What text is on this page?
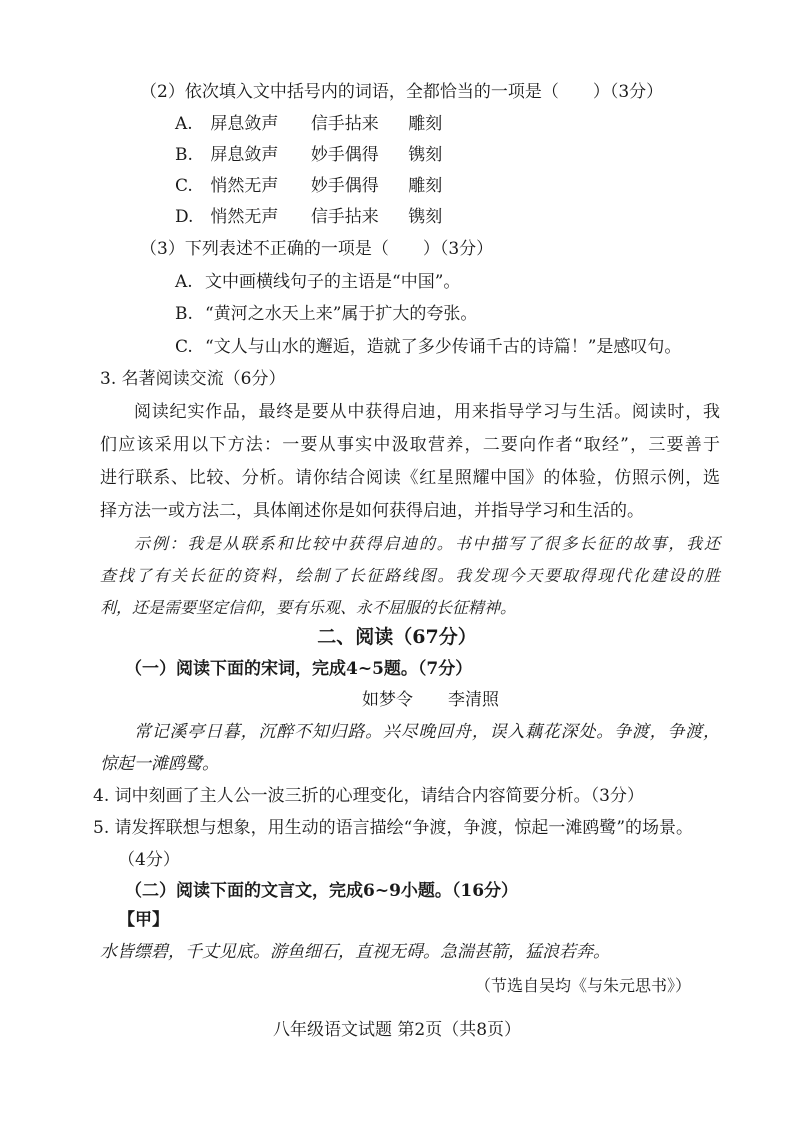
（2）依次填入文中括号内的词语，全都恰当的一项是（　　）（3分）
A. 屏息敛声 信手拈来 雕刻
B. 屏息敛声 妙手偶得 镌刻
C. 悄然无声 妙手偶得 雕刻
D. 悄然无声 信手拈来 镌刻
（3）下列表述不正确的一项是（　　）（3分）
A. 文中画横线句子的主语是“中国”。
B. “黄河之水天上来”属于扩大的夸张。
C. “文人与山水的邂逅，造就了多少传诵千古的诗篇！”是感叹句。
3. 名著阅读交流（6分）
阅读纪实作品，最终是要从中获得启迪，用来指导学习与生活。阅读时，我
们应该采用以下方法：一要从事实中汲取营养，二要向作者“取经”，三要善于
进行联系、比较、分析。请你结合阅读《红星照耀中国》的体验，仿照示例，选
择方法一或方法二，具体阐述你是如何获得启迪，并指导学习和生活的。
示例：我是从联系和比较中获得启迪的。书中描写了很多长征的故事，我还
查找了有关长征的资料，绘制了长征路线图。我发现今天要取得现代化建设的胜
利，还是需要坚定信仰，要有乐观、永不屈服的长征精神。
二、阅读（67分）
（一）阅读下面的宋词，完成4~5题。（7分）
如梦令 李清照
常记溪亭日暮，沉醉不知归路。兴尽晚回舟，误入藕花深处。争渡，争渡，
惊起一滩鸥鹭。
4. 词中刻画了主人公一波三折的心理变化，请结合内容简要分析。（3分）
5. 请发挥联想与想象，用生动的语言描绘“争渡，争渡，惊起一滩鸥鹭”的场景。
（4分）
（二）阅读下面的文言文，完成6~9小题。（16分）
【甲】
水皆缥碧，千丈见底。游鱼细石，直视无碍。急湍甚箭，猛浪若奔。
（节选自吴均《与朱元思书》）
八年级语文试题 第2页（共8页）
